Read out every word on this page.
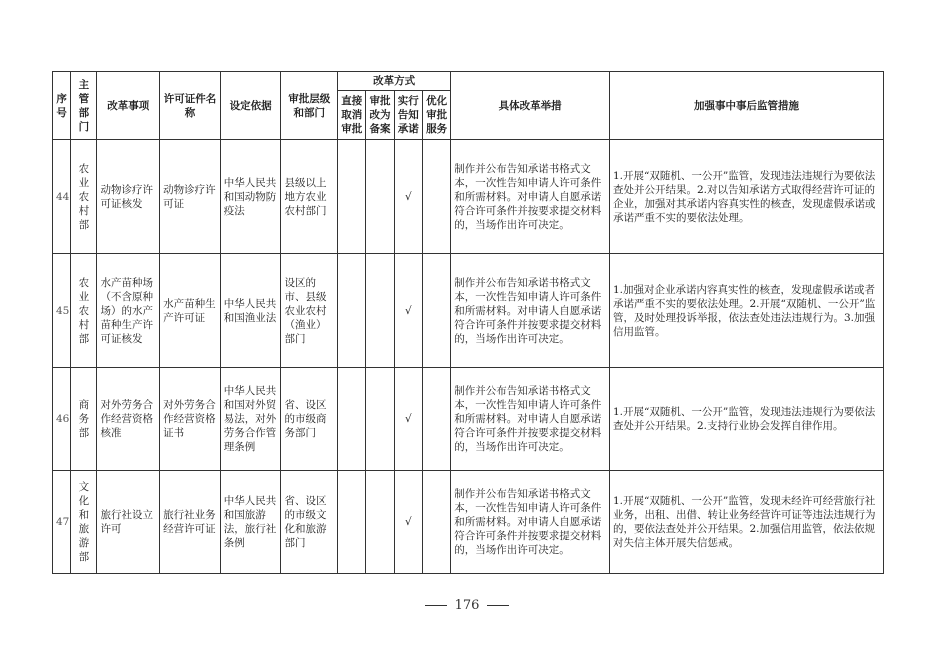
序号	主管部门	改革事项	许可证件名称	设定依据	审批层级和部门	改革方式				具体改革举措	加强事中事后监管措施
						直接取消审批	审批改为备案	实行告知承诺	优化审批服务		
44	农业农村部	动物诊疗许可证核发	动物诊疗许可证	中华人民共和国动物防疫法	县级以上地方农业农村部门			√		制作并公布告知承诺书格式文本，一次性告知申请人许可条件和所需材料。对申请人自愿承诺符合许可条件并按要求提交材料的，当场作出许可决定。	1.开展“双随机、一公开”监管，发现违法违规行为要依法查处并公开结果。2.对以告知承诺方式取得经营许可证的企业，加强对其承诺内容真实性的核查，发现虚假承诺或承诺严重不实的要依法处理。
45	农业农村部	水产苗种场（不含原种场）的水产苗种生产许可证核发	水产苗种生产许可证	中华人民共和国渔业法	设区的市、县级农业农村（渔业）部门			√		制作并公布告知承诺书格式文本，一次性告知申请人许可条件和所需材料。对申请人自愿承诺符合许可条件并按要求提交材料的，当场作出许可决定。	1.加强对企业承诺内容真实性的核查，发现虚假承诺或者承诺严重不实的要依法处理。2.开展“双随机、一公开”监管，及时处理投诉举报，依法查处违法违规行为。3.加强信用监管。
46	商务部	对外劳务合作经营资格核准	对外劳务合作经营资格证书	中华人民共和国对外贸易法，对外劳务合作管理条例	省、设区的市级商务部门			√		制作并公布告知承诺书格式文本，一次性告知申请人许可条件和所需材料。对申请人自愿承诺符合许可条件并按要求提交材料的，当场作出许可决定。	1.开展“双随机、一公开”监管，发现违法违规行为要依法查处并公开结果。2.支持行业协会发挥自律作用。
47	文化和旅游部	旅行社设立许可	旅行社业务经营许可证	中华人民共和国旅游法，旅行社条例	省、设区的市级文化和旅游部门			√		制作并公布告知承诺书格式文本，一次性告知申请人许可条件和所需材料。对申请人自愿承诺符合许可条件并按要求提交材料的，当场作出许可决定。	1.开展“双随机、一公开”监管，发现未经许可经营旅行社业务，出租、出借、转让业务经营许可证等违法违规行为的，要依法查处并公开结果。2.加强信用监管，依法依规对失信主体开展失信惩戒。
176
